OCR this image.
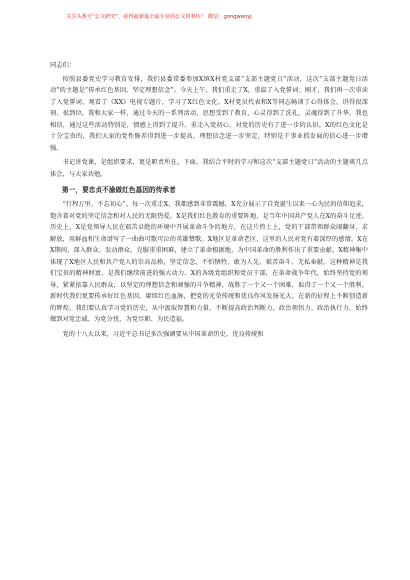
关注头条号“公文研究”，获得最新最全最专业的公文资料库！ 微信：gongwenyj

同志们：

按照县委党史学习教育安排，我们县委常委参加X镇X村党支部“支部主题党日”活动，这次“支部主题党日活动”的主题是“传承红色基因，坚定理想信念”。今天上午，我们重走了X，重温了入党誓词；刚才，我们再一次重读了入党誓词，观看了《XX》电视专题片，学习了X红色文化。X村党员代表和X等同志畅谈了心得体会，讲得很深刻、很到位，我和大家一样，通过今天的一系列活动，思想受到了教育，心灵得到了洗礼，灵魂得到了升华。我也相信，通过这些活动特别是，情感上得到了提升。重走入党初心，对党的历史有了进一步的认识。X的红色文化是十分宝贵的，我们大家的党性修养得到进一步提高，理想信念进一步坚定，特别是干事业抓发展的信心进一步增强。

书记讲党课，是组织要求，更是职责所在。下面，我结合平时的学习和这次“支部主题党日”活动的主题谈几点体会，与大家共勉。

第一，要忠贞不渝做红色基因的传承者

“行程万里，不忘初心”。每一次重走X，我都感到非常震撼，X充分展示了自党诞生以来一心为民的信仰追求，饱含着对党的坚定信念和对人民的无限热爱。X是我们红色教育的重要阵地，是当年中国共产党人在X的奋斗足迹。历史上，X是党领导人民在艰苦卓绝的环境中开展革命斗争的地方，在这片热土上，党的干部带领群众闹翻身、求解放，用鲜血和生命谱写了一曲曲可歌可泣的英雄赞歌。X地区是革命老区，这里的人民对党有着深厚的感情。X在X期间，深入群众、发动群众，克服重重困难，建立了革命根据地，为中国革命的胜利作出了重要贡献。X精神集中体现了X地区人民和共产党人的崇高品格，坚定信念、不怕牺牲、敢为人先、艰苦奋斗、无私奉献。这种精神是我们宝贵的精神财富，是我们继续前进的强大动力。X的各级党组织和党员干部，在革命战争年代，始终坚持党的领导，紧紧依靠人民群众，以坚定的理想信念和顽强的斗争精神，战胜了一个又一个困难，取得了一个又一个胜利。新时代我们更要传承好红色基因，赓续红色血脉，把党的光荣传统和优良作风发扬光大，在新的征程上不断创造新的辉煌。我们要认真学习党的历史，从中汲取智慧和力量，不断提高政治判断力、政治领悟力、政治执行力，始终做到对党忠诚、为党分忧、为党尽职、为民造福。

党的十八大以来，习近平总书记多次强调要从中国革命历史、优良传统和
